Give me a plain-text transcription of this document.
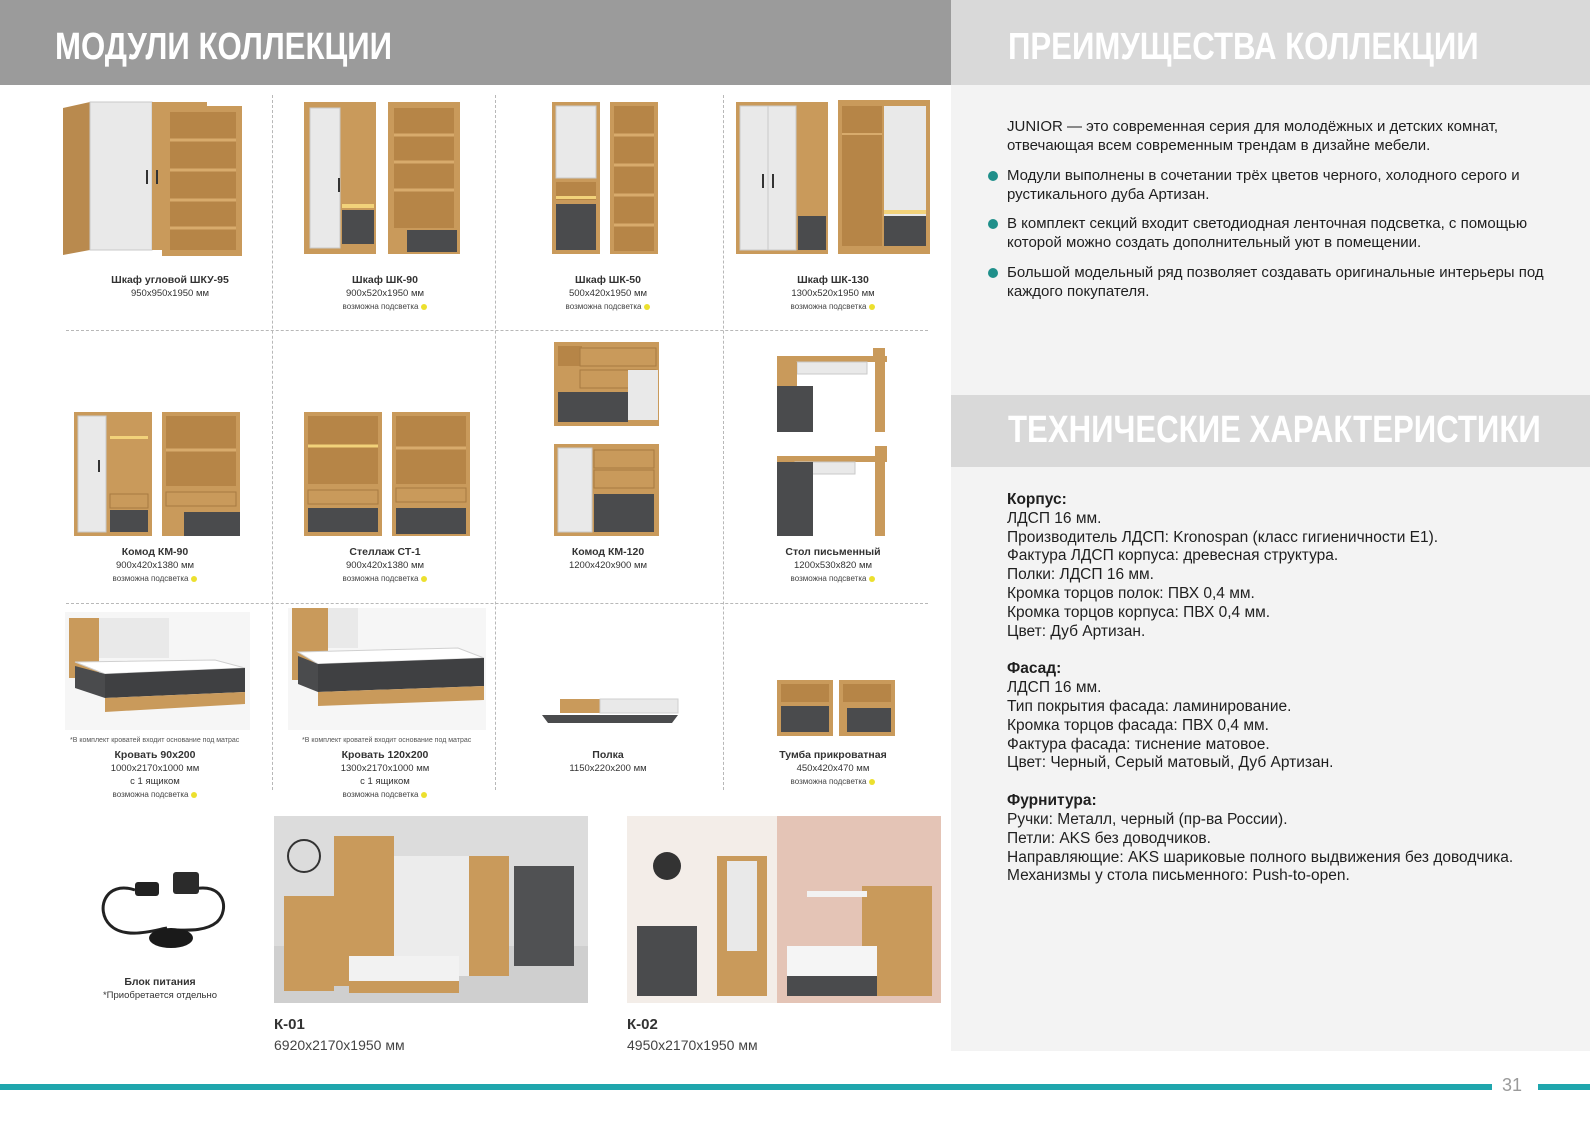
МОДУЛИ КОЛЛЕКЦИИ	ПРЕИМУЩЕСТВА КОЛЛЕКЦИИ
JUNIOR — это современная серия для молодёжных и детских комнат, отвечающая всем современным трендам в дизайне мебели.
Модули выполнены в сочетании трёх цветов черного, холодного серого и рустикального дуба Артизан.
В комплект секций входит светодиодная ленточная подсветка, с помощью которой можно создать дополнительный уют в помещении.
Большой модельный ряд позволяет создавать оригинальные интерьеры под каждого покупателя.
ТЕХНИЧЕСКИЕ ХАРАКТЕРИСТИКИ
Корпус:
ЛДСП 16 мм.
Производитель ЛДСП: Kronospan (класс гигиеничности Е1).
Фактура ЛДСП корпуса: древесная структура.
Полки: ЛДСП 16 мм.
Кромка торцов полок: ПВХ 0,4 мм.
Кромка торцов корпуса: ПВХ 0,4 мм.
Цвет: Дуб Артизан.
Фасад:
ЛДСП 16 мм.
Тип покрытия фасада: ламинирование.
Кромка торцов фасада: ПВХ 0,4 мм.
Фактура фасада: тиснение матовое.
Цвет: Черный, Серый матовый, Дуб Артизан.
Фурнитура:
Ручки: Металл, черный (пр-ва России).
Петли: AKS без доводчиков.
Направляющие: AKS шариковые полного выдвижения без доводчика.
Механизмы у стола письменного: Push-to-open.
Шкаф угловой ШКУ-95
950х950х1950 мм
Шкаф ШК-90
900х520х1950 мм
возможна подсветка
Шкаф ШК-50
500х420х1950 мм
возможна подсветка
Шкаф ШК-130
1300х520х1950 мм
возможна подсветка
Комод КМ-90
900х420х1380 мм
возможна подсветка
Стеллаж СТ-1
900х420х1380 мм
возможна подсветка
Комод КМ-120
1200х420х900 мм
Стол письменный
1200х530х820 мм
возможна подсветка
*В комплект кроватей входит основание под матрас	*В комплект кроватей входит основание под матрас
Кровать 90х200
1000х2170х1000 мм
с 1 ящиком
возможна подсветка
Кровать 120х200
1300х2170х1000 мм
с 1 ящиком
возможна подсветка
Полка
1150х220х200 мм
Тумба прикроватная
450х420х470 мм
возможна подсветка
Блок питания
*Приобретается отдельно
К-01
6920х2170х1950 мм
К-02
4950х2170х1950 мм
31
